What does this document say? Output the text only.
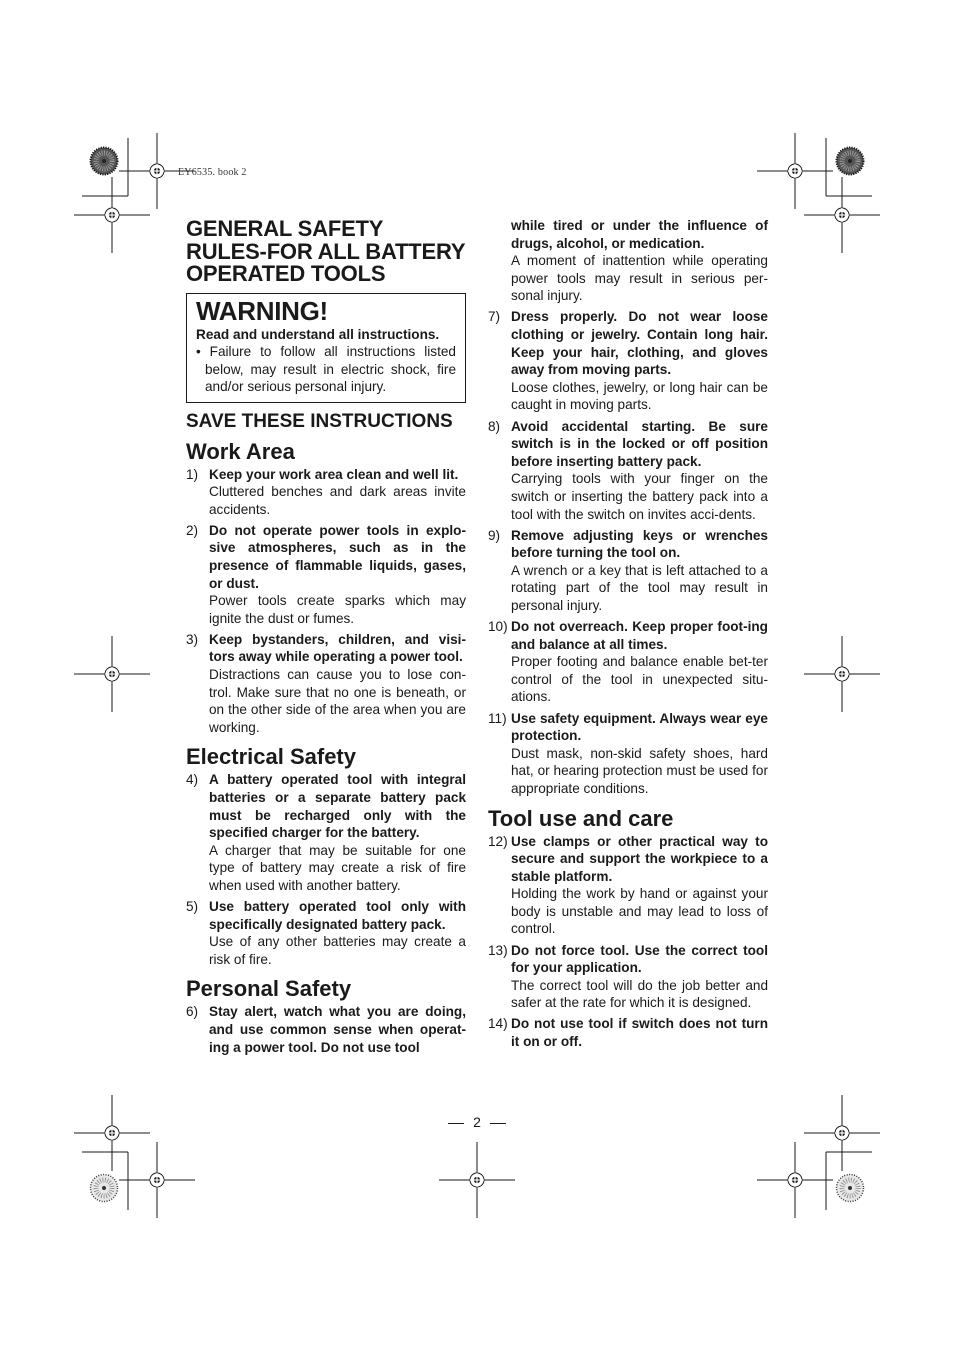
EY6535. book 2
GENERAL SAFETY RULES-FOR ALL BATTERY OPERATED TOOLS
WARNING!
Read and understand all instructions.
• Failure to follow all instructions listed below, may result in electric shock, fire and/or serious personal injury.
SAVE THESE INSTRUCTIONS
Work Area
1) Keep your work area clean and well lit.
Cluttered benches and dark areas invite accidents.
2) Do not operate power tools in explo-sive atmospheres, such as in the presence of flammable liquids, gases, or dust.
Power tools create sparks which may ignite the dust or fumes.
3) Keep bystanders, children, and visi-tors away while operating a power tool.
Distractions can cause you to lose con-trol. Make sure that no one is beneath, or on the other side of the area when you are working.
Electrical Safety
4) A battery operated tool with integral batteries or a separate battery pack must be recharged only with the specified charger for the battery.
A charger that may be suitable for one type of battery may create a risk of fire when used with another battery.
5) Use battery operated tool only with specifically designated battery pack.
Use of any other batteries may create a risk of fire.
Personal Safety
6) Stay alert, watch what you are doing, and use common sense when operat-ing a power tool. Do not use tool
while tired or under the influence of drugs, alcohol, or medication.
A moment of inattention while operating power tools may result in serious per-sonal injury.
7) Dress properly. Do not wear loose clothing or jewelry. Contain long hair. Keep your hair, clothing, and gloves away from moving parts.
Loose clothes, jewelry, or long hair can be caught in moving parts.
8) Avoid accidental starting. Be sure switch is in the locked or off position before inserting battery pack.
Carrying tools with your finger on the switch or inserting the battery pack into a tool with the switch on invites acci-dents.
9) Remove adjusting keys or wrenches before turning the tool on.
A wrench or a key that is left attached to a rotating part of the tool may result in personal injury.
10) Do not overreach. Keep proper foot-ing and balance at all times.
Proper footing and balance enable bet-ter control of the tool in unexpected situ-ations.
11) Use safety equipment. Always wear eye protection.
Dust mask, non-skid safety shoes, hard hat, or hearing protection must be used for appropriate conditions.
Tool use and care
12) Use clamps or other practical way to secure and support the workpiece to a stable platform.
Holding the work by hand or against your body is unstable and may lead to loss of control.
13) Do not force tool. Use the correct tool for your application.
The correct tool will do the job better and safer at the rate for which it is designed.
14) Do not use tool if switch does not turn it on or off.
2
